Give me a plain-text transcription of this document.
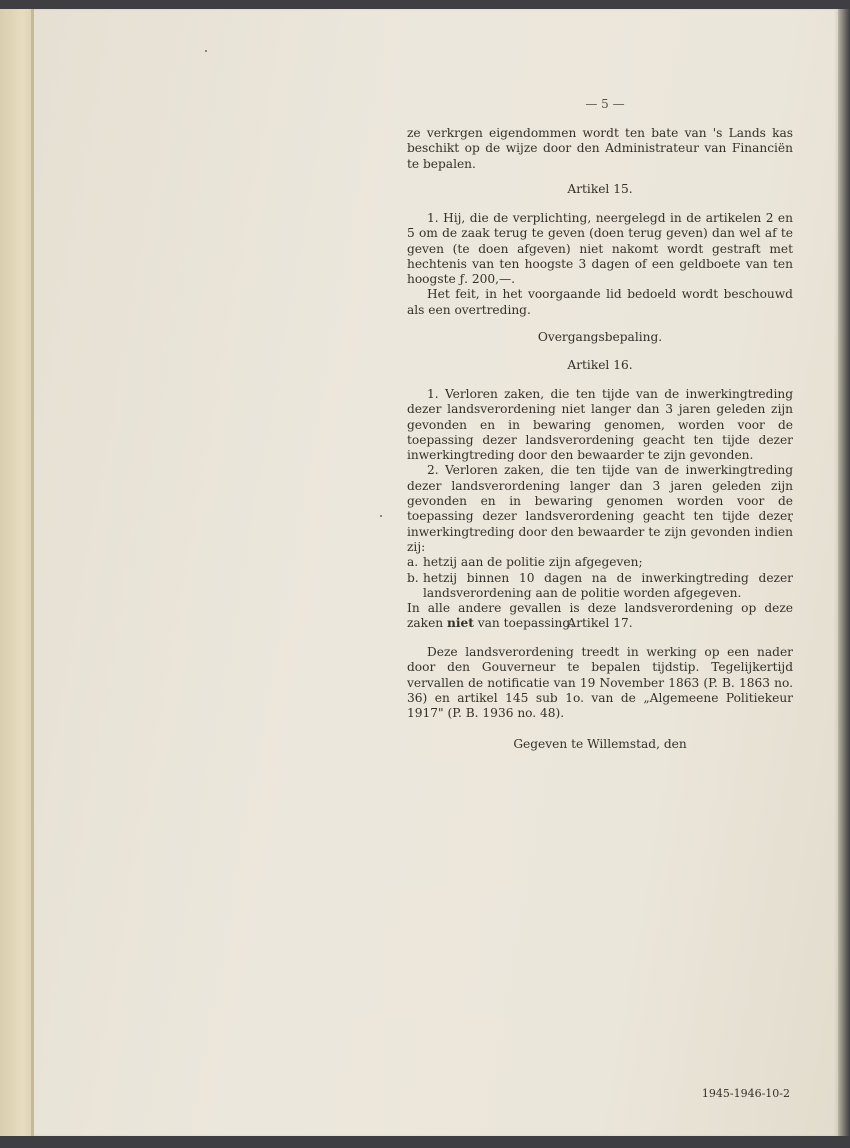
— 5 —

ze verkrgen eigendommen wordt ten bate van 's Lands kas beschikt op de wijze door den Administrateur van Financiën te bepalen.

Artikel 15.

1. Hij, die de verplichting, neergelegd in de artikelen 2 en 5 om de zaak terug te geven (doen terug geven) dan wel af te geven (te doen afgeven) niet nakomt wordt gestraft met hechtenis van ten hoogste 3 dagen of een geldboete van ten hoogste ƒ. 200,—.

Het feit, in het voorgaande lid bedoeld wordt beschouwd als een overtreding.

Overgangsbepaling.

Artikel 16.

1. Verloren zaken, die ten tijde van de inwerkingtreding dezer landsverordening niet langer dan 3 jaren geleden zijn gevonden en in bewaring genomen, worden voor de toepassing dezer landsverordening geacht ten tijde dezer inwerkingtreding door den bewaarder te zijn gevonden.

2. Verloren zaken, die ten tijde van de inwerkingtreding dezer landsverordening langer dan 3 jaren geleden zijn gevonden en in bewaring genomen worden voor de toepassing dezer landsverordening geacht ten tijde dezer inwerkingtreding door den bewaarder te zijn gevonden indien zij:

a. hetzij aan de politie zijn afgegeven;
b. hetzij binnen 10 dagen na de inwerkingtreding dezer landsverordening aan de politie worden afgegeven.

In alle andere gevallen is deze landsverordening op deze zaken niet van toepassing.

Artikel 17.

Deze landsverordening treedt in werking op een nader door den Gouverneur te bepalen tijdstip. Tegelijkertijd vervallen de notificatie van 19 November 1863 (P. B. 1863 no. 36) en artikel 145 sub 1o. van de „Algemeene Politiekeur 1917" (P. B. 1936 no. 48).

Gegeven te Willemstad, den

1945-1946-10-2
